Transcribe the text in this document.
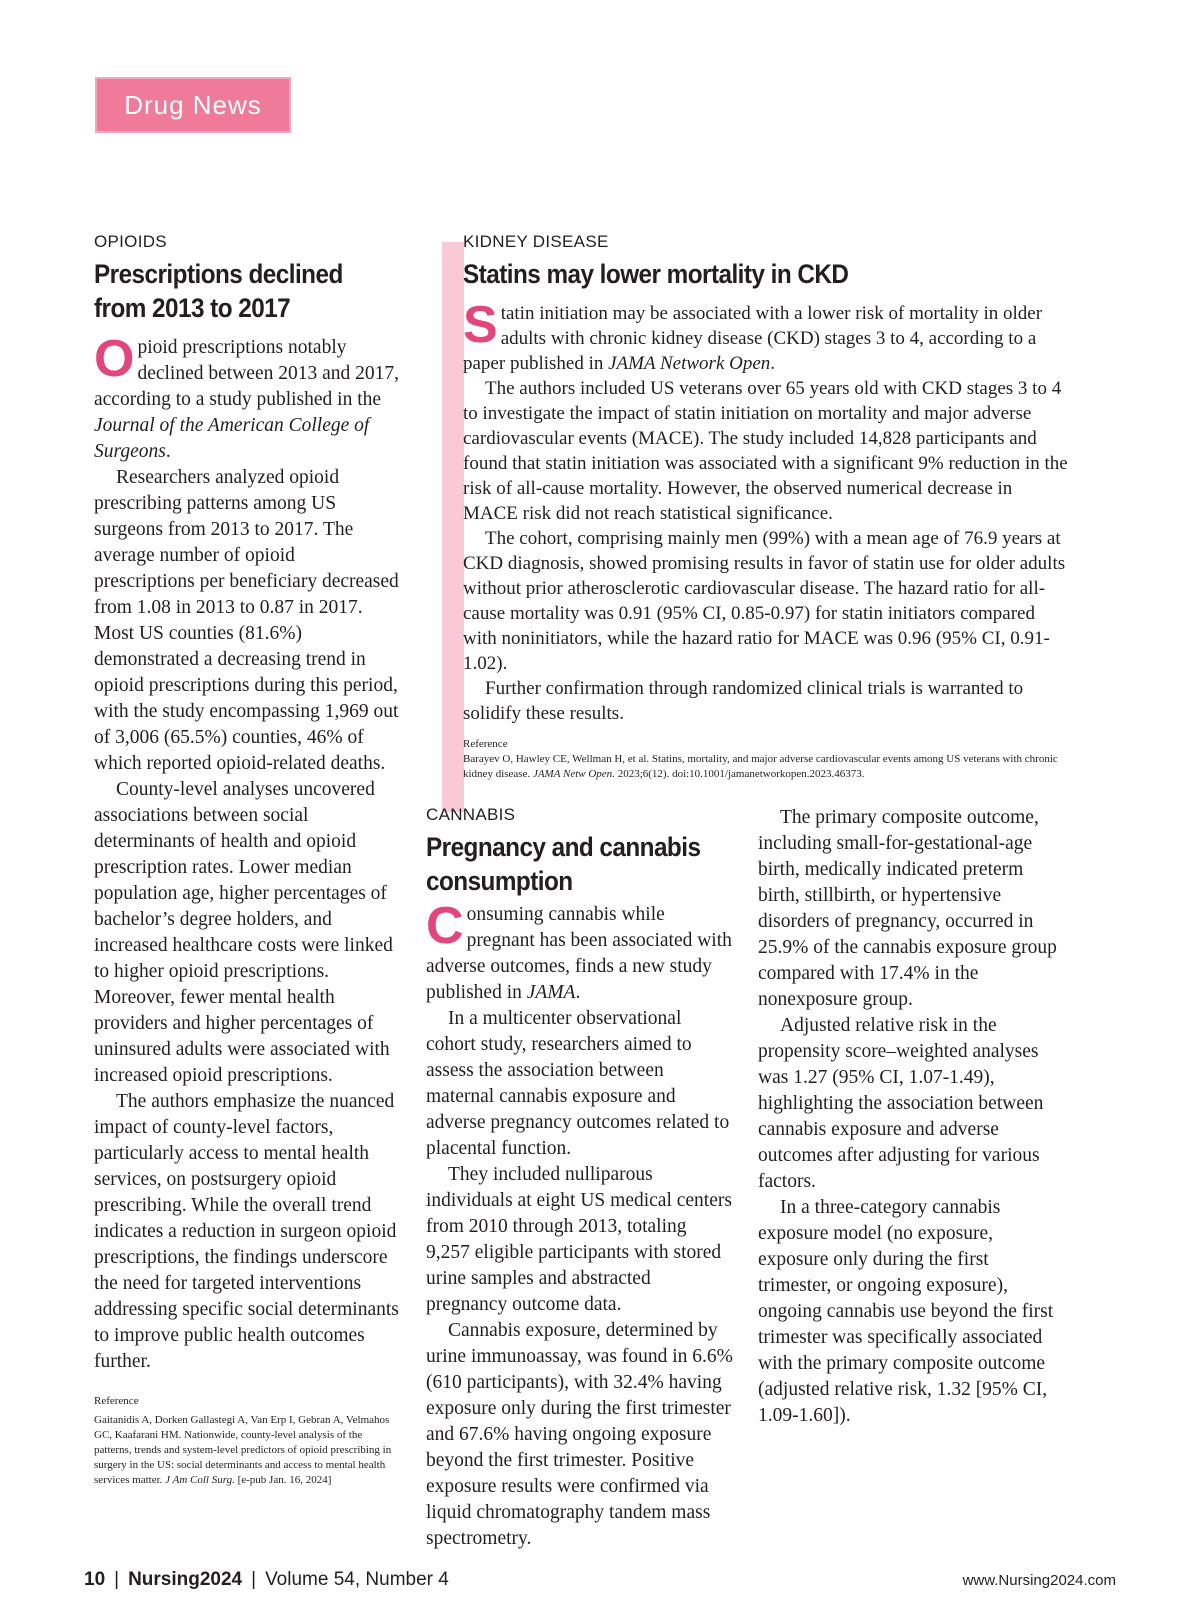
Drug News
OPIOIDS
Prescriptions declined
from 2013 to 2017

Opioid prescriptions notably declined between 2013 and 2017, according to a study published in the Journal of the American College of Surgeons.

Researchers analyzed opioid prescribing patterns among US surgeons from 2013 to 2017. The average number of opioid prescriptions per beneficiary decreased from 1.08 in 2013 to 0.87 in 2017. Most US counties (81.6%) demonstrated a decreasing trend in opioid prescriptions during this period, with the study encompassing 1,969 out of 3,006 (65.5%) counties, 46% of which reported opioid-related deaths.

County-level analyses uncovered associations between social determinants of health and opioid prescription rates. Lower median population age, higher percentages of bachelor’s degree holders, and increased healthcare costs were linked to higher opioid prescriptions. Moreover, fewer mental health providers and higher percentages of uninsured adults were associated with increased opioid prescriptions.

The authors emphasize the nuanced impact of county-level factors, particularly access to mental health services, on postsurgery opioid prescribing. While the overall trend indicates a reduction in surgeon opioid prescriptions, the findings underscore the need for targeted interventions addressing specific social determinants to improve public health outcomes further.

Reference
Gaitanidis A, Dorken Gallastegi A, Van Erp I, Gebran A, Velmahos GC, Kaafarani HM. Nationwide, county-level analysis of the patterns, trends and system-level predictors of opioid prescribing in surgery in the US: social determinants and access to mental health services matter. J Am Coll Surg. [e-pub Jan. 16, 2024]
KIDNEY DISEASE
Statins may lower mortality in CKD

Statin initiation may be associated with a lower risk of mortality in older adults with chronic kidney disease (CKD) stages 3 to 4, according to a paper published in JAMA Network Open.

The authors included US veterans over 65 years old with CKD stages 3 to 4 to investigate the impact of statin initiation on mortality and major adverse cardiovascular events (MACE). The study included 14,828 participants and found that statin initiation was associated with a significant 9% reduction in the risk of all-cause mortality. However, the observed numerical decrease in MACE risk did not reach statistical significance.

The cohort, comprising mainly men (99%) with a mean age of 76.9 years at CKD diagnosis, showed promising results in favor of statin use for older adults without prior atherosclerotic cardiovascular disease. The hazard ratio for all-cause mortality was 0.91 (95% CI, 0.85-0.97) for statin initiators compared with noninitiators, while the hazard ratio for MACE was 0.96 (95% CI, 0.91-1.02).

Further confirmation through randomized clinical trials is warranted to solidify these results.

Reference
Barayev O, Hawley CE, Wellman H, et al. Statins, mortality, and major adverse cardiovascular events among US veterans with chronic kidney disease. JAMA Netw Open. 2023;6(12). doi:10.1001/jamanetworkopen.2023.46373.
CANNABIS
Pregnancy and cannabis
consumption

Consuming cannabis while pregnant has been associated with adverse outcomes, finds a new study published in JAMA.

In a multicenter observational cohort study, researchers aimed to assess the association between maternal cannabis exposure and adverse pregnancy outcomes related to placental function.

They included nulliparous individuals at eight US medical centers from 2010 through 2013, totaling 9,257 eligible participants with stored urine samples and abstracted pregnancy outcome data.

Cannabis exposure, determined by urine immunoassay, was found in 6.6% (610 participants), with 32.4% having exposure only during the first trimester and 67.6% having ongoing exposure beyond the first trimester. Positive exposure results were confirmed via liquid chromatography tandem mass spectrometry.

The primary composite outcome, including small-for-gestational-age birth, medically indicated preterm birth, stillbirth, or hypertensive disorders of pregnancy, occurred in 25.9% of the cannabis exposure group compared with 17.4% in the nonexposure group.

Adjusted relative risk in the propensity score–weighted analyses was 1.27 (95% CI, 1.07-1.49), highlighting the association between cannabis exposure and adverse outcomes after adjusting for various factors.

In a three-category cannabis exposure model (no exposure, exposure only during the first trimester, or ongoing exposure), ongoing cannabis use beyond the first trimester was specifically associated with the primary composite outcome (adjusted relative risk, 1.32 [95% CI, 1.09-1.60]).

10 | Nursing2024 | Volume 54, Number 4	www.Nursing2024.com
